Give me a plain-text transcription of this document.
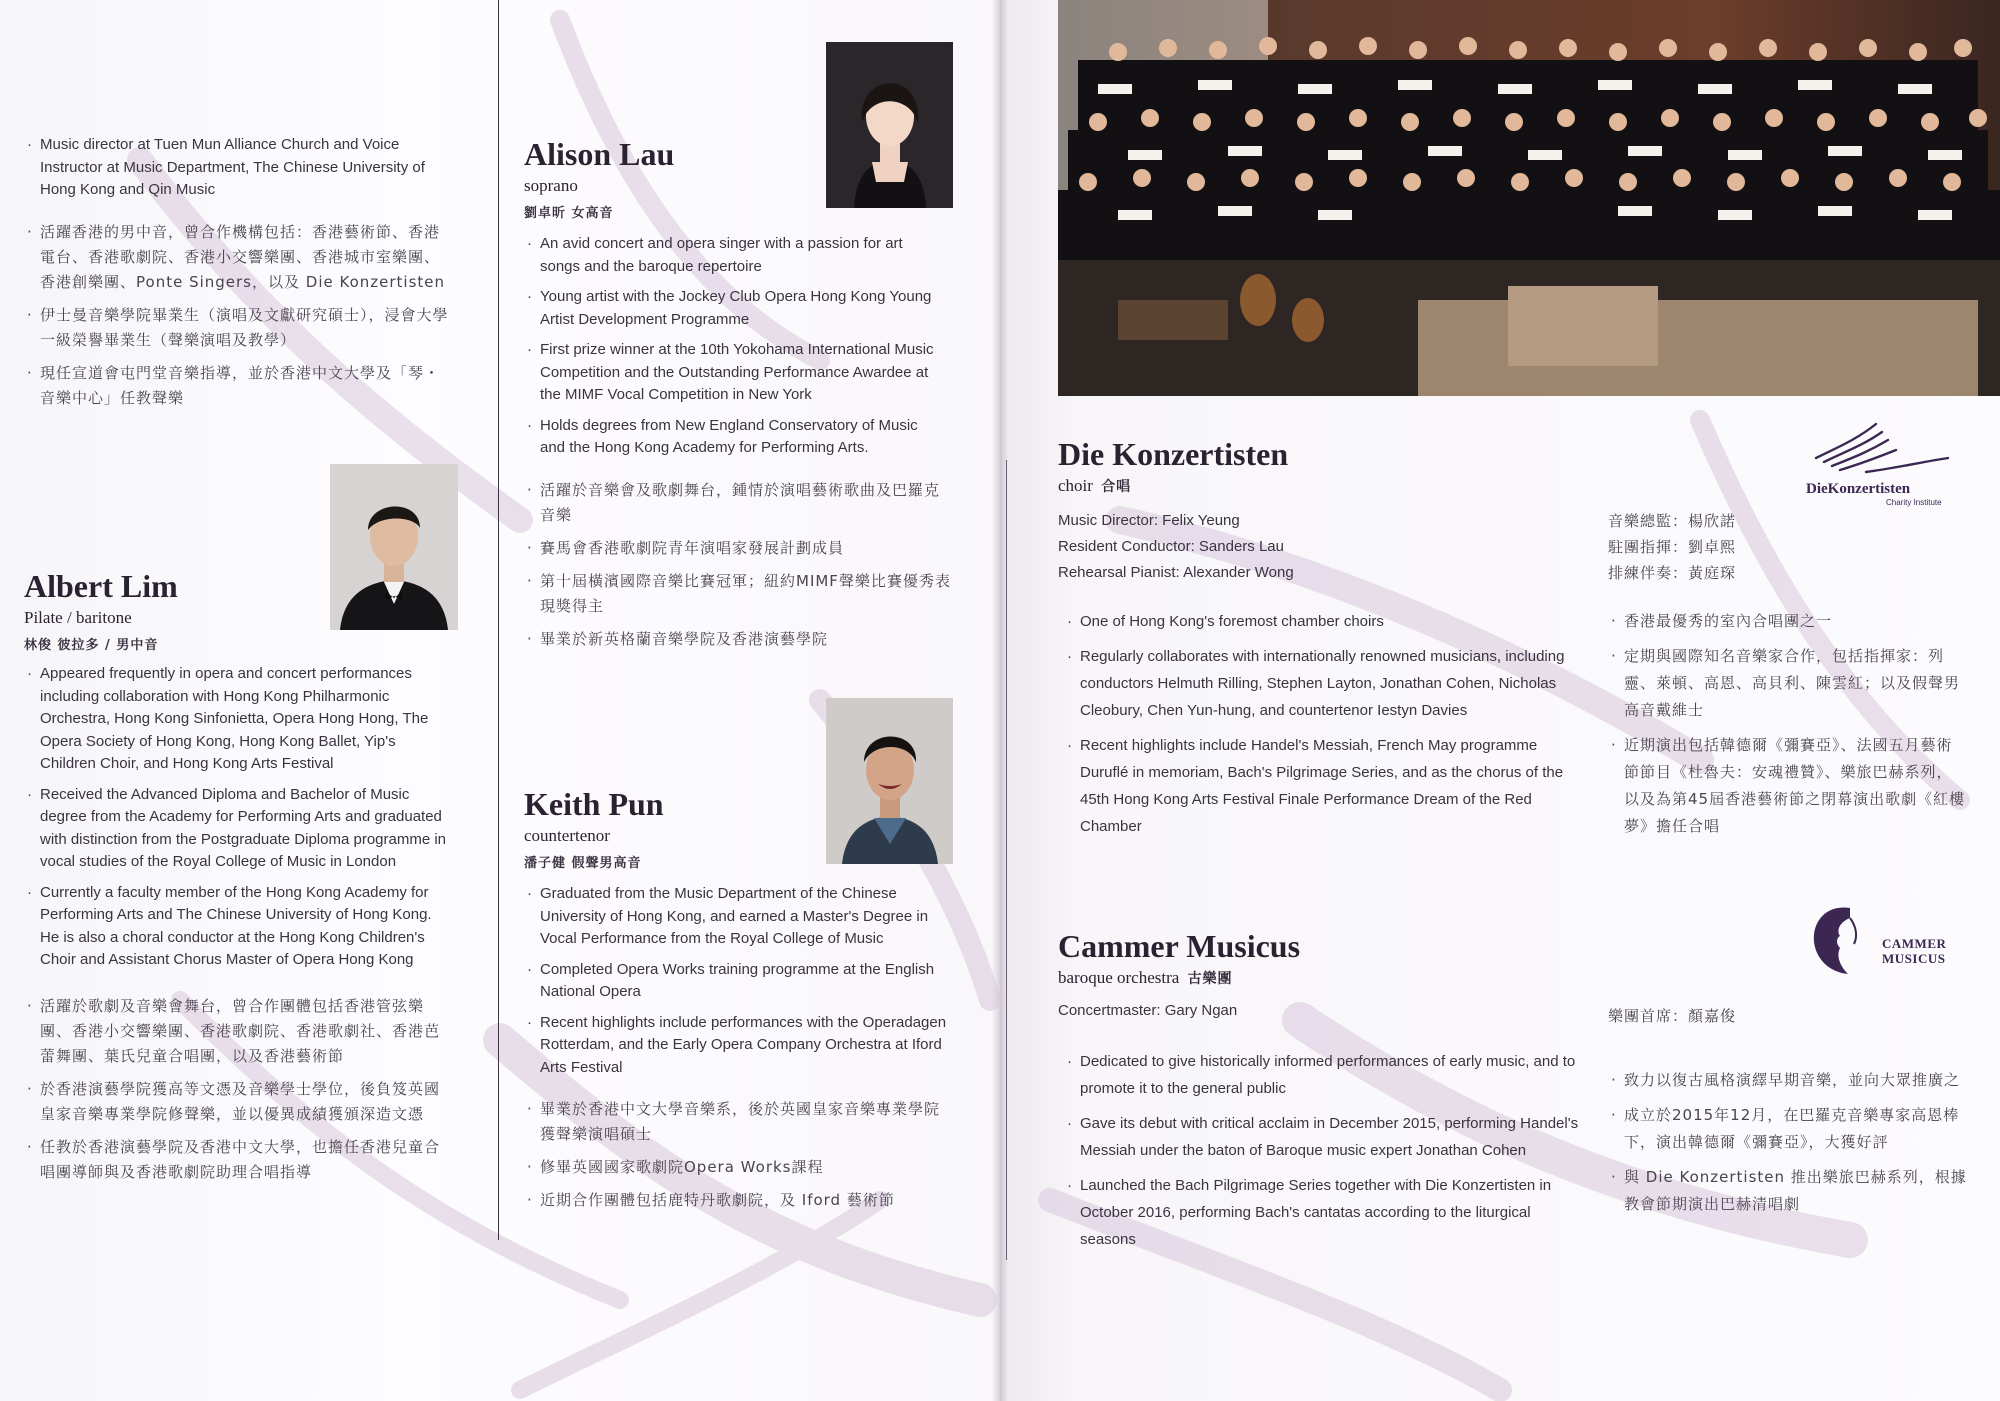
· Music director at Tuen Mun Alliance Church and Voice Instructor at Music Department, The Chinese University of Hong Kong and Qin Music
· 活躍香港的男中音，曾合作機構包括：香港藝術節、香港電台、香港歌劇院、香港小交響樂團、香港城市室樂團、香港創樂團、Ponte Singers，以及 Die Konzertisten
· 伊士曼音樂學院畢業生（演唱及文獻研究碩士），浸會大學一級榮譽畢業生（聲樂演唱及教學）
· 現任宣道會屯門堂音樂指導，並於香港中文大學及「琴・音樂中心」任教聲樂
Albert Lim
Pilate / baritone
林俊 彼拉多 / 男中音
· Appeared frequently in opera and concert performances including collaboration with Hong Kong Philharmonic Orchestra, Hong Kong Sinfonietta, Opera Hong Hong, The Opera Society of Hong Kong, Hong Kong Ballet, Yip's Children Choir, and Hong Kong Arts Festival
· Received the Advanced Diploma and Bachelor of Music degree from the Academy for Performing Arts and graduated with distinction from the Postgraduate Diploma programme in vocal studies of the Royal College of Music in London
· Currently a faculty member of the Hong Kong Academy for Performing Arts and The Chinese University of Hong Kong. He is also a choral conductor at the Hong Kong Children's Choir and Assistant Chorus Master of Opera Hong Kong
· 活躍於歌劇及音樂會舞台，曾合作團體包括香港管弦樂團、香港小交響樂團、香港歌劇院、香港歌劇社、香港芭蕾舞團、葉氏兒童合唱團，以及香港藝術節
· 於香港演藝學院獲高等文憑及音樂學士學位，後負笈英國皇家音樂專業學院修聲樂，並以優異成績獲頒深造文憑
· 任教於香港演藝學院及香港中文大學，也擔任香港兒童合唱團導師與及香港歌劇院助理合唱指導
Alison Lau
soprano
劉卓昕 女高音
· An avid concert and opera singer with a passion for art songs and the baroque repertoire
· Young artist with the Jockey Club Opera Hong Kong Young Artist Development Programme
· First prize winner at the 10th Yokohama International Music Competition and the Outstanding Performance Awardee at the MIMF Vocal Competition in New York
· Holds degrees from New England Conservatory of Music and the Hong Kong Academy for Performing Arts.
· 活躍於音樂會及歌劇舞台，鍾情於演唱藝術歌曲及巴羅克音樂
· 賽馬會香港歌劇院青年演唱家發展計劃成員
· 第十屆橫濱國際音樂比賽冠軍；紐約MIMF聲樂比賽優秀表現獎得主
· 畢業於新英格蘭音樂學院及香港演藝學院
Keith Pun
countertenor
潘子健 假聲男高音
· Graduated from the Music Department of the Chinese University of Hong Kong, and earned a Master's Degree in Vocal Performance from the Royal College of Music
· Completed Opera Works training programme at the English National Opera
· Recent highlights include performances with the Operadagen Rotterdam, and the Early Opera Company Orchestra at Iford Arts Festival
· 畢業於香港中文大學音樂系，後於英國皇家音樂專業學院獲聲樂演唱碩士
· 修畢英國國家歌劇院Opera Works課程
· 近期合作團體包括鹿特丹歌劇院，及 Iford 藝術節
Die Konzertisten
choir 合唱
Music Director: Felix Yeung
Resident Conductor: Sanders Lau
Rehearsal Pianist: Alexander Wong
· One of Hong Kong's foremost chamber choirs
· Regularly collaborates with internationally renowned musicians, including conductors Helmuth Rilling, Stephen Layton, Jonathan Cohen, Nicholas Cleobury, Chen Yun-hung, and countertenor Iestyn Davies
· Recent highlights include Handel's Messiah, French May programme Duruflé in memoriam, Bach's Pilgrimage Series, and as the chorus of the 45th Hong Kong Arts Festival Finale Performance Dream of the Red Chamber
DieKonzertisten
Charity Institute
音樂總監：楊欣諾
駐團指揮：劉卓熙
排練伴奏：黃庭琛
· 香港最優秀的室內合唱團之一
· 定期與國際知名音樂家合作，包括指揮家：列靈、萊頓、高恩、高貝利、陳雲紅；以及假聲男高音戴維士
· 近期演出包括韓德爾《彌賽亞》、法國五月藝術節節目《杜魯夫：安魂禮贊》、樂旅巴赫系列，以及為第45屆香港藝術節之閉幕演出歌劇《紅樓夢》擔任合唱
Cammer Musicus
baroque orchestra 古樂團
Concertmaster: Gary Ngan
· Dedicated to give historically informed performances of early music, and to promote it to the general public
· Gave its debut with critical acclaim in December 2015, performing Handel's Messiah under the baton of Baroque music expert Jonathan Cohen
· Launched the Bach Pilgrimage Series together with Die Konzertisten in October 2016, performing Bach's cantatas according to the liturgical seasons
CAMMER
MUSICUS
樂團首席：顏嘉俊
· 致力以復古風格演繹早期音樂，並向大眾推廣之
· 成立於2015年12月，在巴羅克音樂專家高恩棒下，演出韓德爾《彌賽亞》，大獲好評
· 與 Die Konzertisten 推出樂旅巴赫系列，根據教會節期演出巴赫清唱劇
